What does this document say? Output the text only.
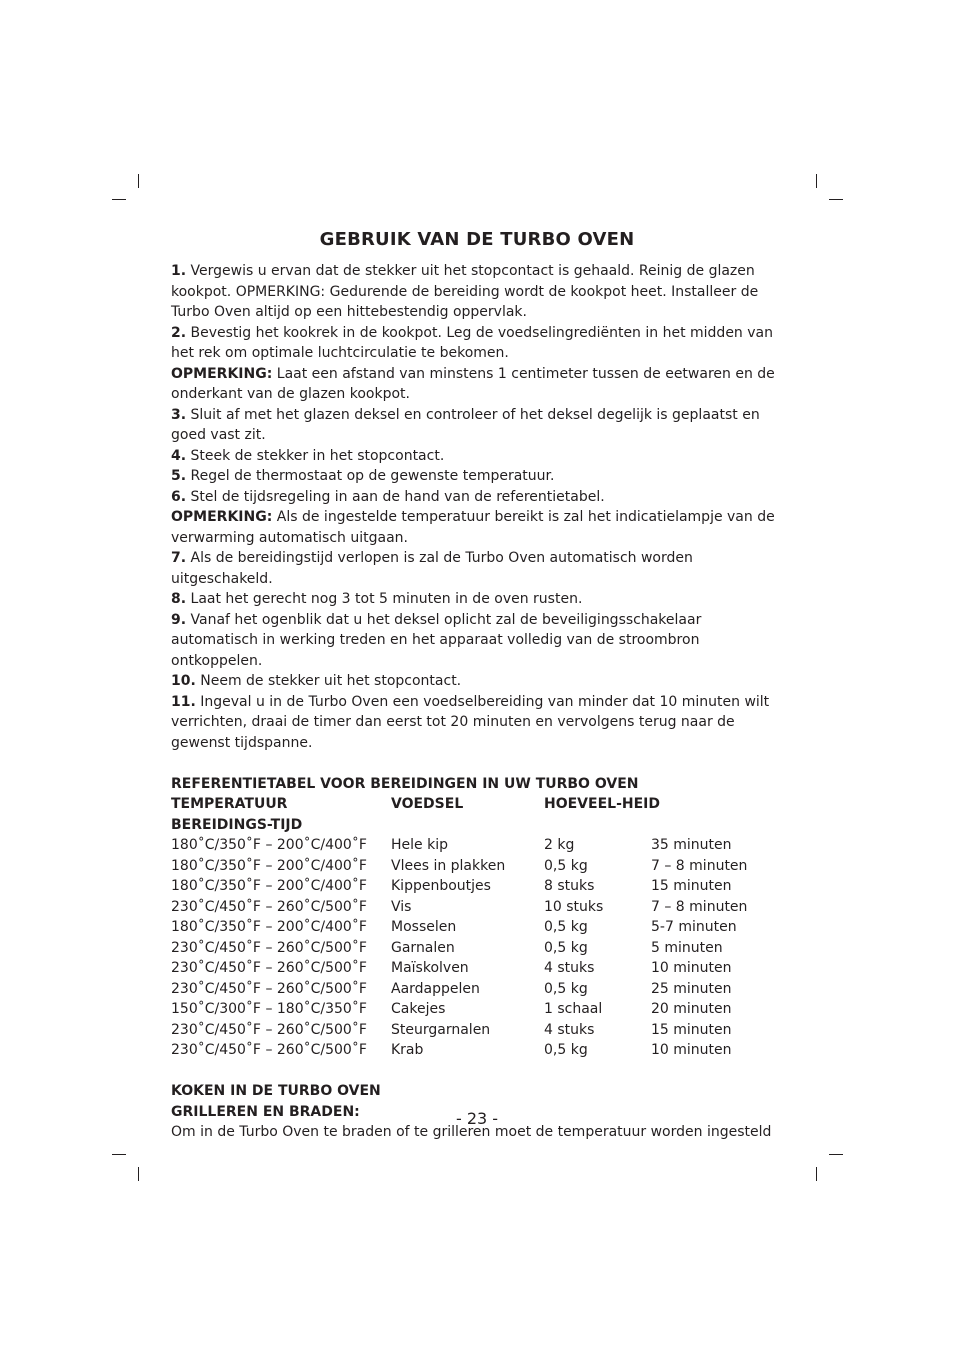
GEBRUIK VAN DE TURBO OVEN

1. Vergewis u ervan dat de stekker uit het stopcontact is gehaald. Reinig de glazen kookpot. OPMERKING: Gedurende de bereiding wordt de kookpot heet. Installeer de Turbo Oven altijd op een hittebestendig oppervlak.

2. Bevestig het kookrek in de kookpot. Leg de voedselingrediënten in het midden van het rek om optimale luchtcirculatie te bekomen.

OPMERKING: Laat een afstand van minstens 1 centimeter tussen de eetwaren en de onderkant van de glazen kookpot.

3. Sluit af met het glazen deksel en controleer of het deksel degelijk is geplaatst en goed vast zit.

4. Steek de stekker in het stopcontact.

5. Regel de thermostaat op de gewenste temperatuur.

6. Stel de tijdsregeling in aan de hand van de referentietabel.

OPMERKING: Als de ingestelde temperatuur bereikt is zal het indicatielampje van de verwarming automatisch uitgaan.

7. Als de bereidingstijd verlopen is zal de Turbo Oven automatisch worden uitgeschakeld.

8. Laat het gerecht nog 3 tot 5 minuten in de oven rusten.

9. Vanaf het ogenblik dat u het deksel oplicht zal de beveiligingsschakelaar automatisch in werking treden en het apparaat volledig van de stroombron ontkoppelen.

10. Neem de stekker uit het stopcontact.

11. Ingeval u in de Turbo Oven een voedselbereiding van minder dat 10 minuten wilt verrichten, draai de timer dan eerst tot 20 minuten en vervolgens terug naar de gewenst tijdspanne.

REFERENTIETABEL VOOR BEREIDINGEN IN UW TURBO OVEN

TEMPERATUUR	VOEDSEL	HOEVEEL-HEID
BEREIDINGS-TIJD
180˚C/350˚F – 200˚C/400˚F Hele kip	2 kg	35 minuten
180˚C/350˚F – 200˚C/400˚F Vlees in plakken	0,5 kg	7 – 8 minuten
180˚C/350˚F – 200˚C/400˚F Kippenboutjes	8 stuks	15 minuten
230˚C/450˚F – 260˚C/500˚F Vis	10 stuks	7 – 8 minuten
180˚C/350˚F – 200˚C/400˚F Mosselen	0,5 kg	5-7 minuten
230˚C/450˚F – 260˚C/500˚F Garnalen	0,5 kg	5 minuten
230˚C/450˚F – 260˚C/500˚F Maïskolven	4 stuks	10 minuten
230˚C/450˚F – 260˚C/500˚F Aardappelen	0,5 kg	25 minuten
150˚C/300˚F – 180˚C/350˚F Cakejes	1 schaal	20 minuten
230˚C/450˚F – 260˚C/500˚F Steurgarnalen	4 stuks	15 minuten
230˚C/450˚F – 260˚C/500˚F Krab	0,5 kg	10 minuten

KOKEN IN DE TURBO OVEN

GRILLEREN EN BRADEN:

Om in de Turbo Oven te braden of te grilleren moet de temperatuur worden ingesteld

- 23 -
